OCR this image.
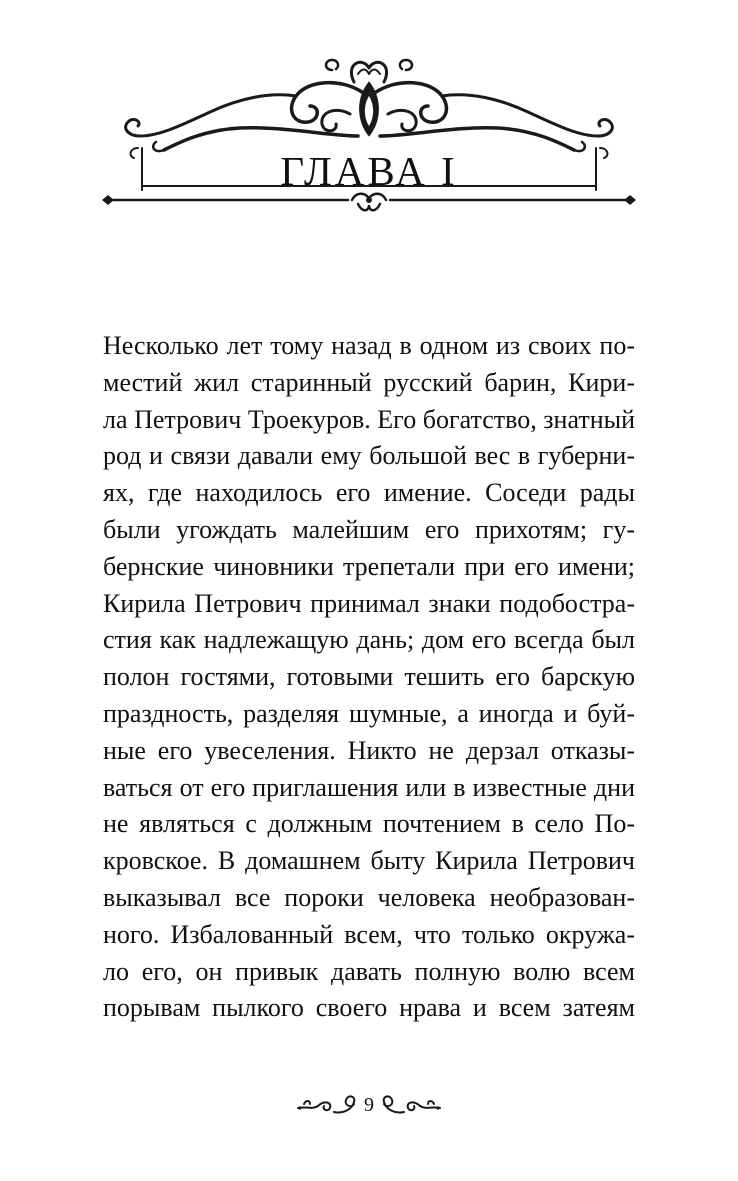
ГЛАВА I
Несколько лет тому назад в одном из своих по-
местий жил старинный русский барин, Кири-
ла Петрович Троекуров. Его богатство, знатный
род и связи давали ему большой вес в губерни-
ях, где находилось его имение. Соседи рады
были угождать малейшим его прихотям; гу-
бернские чиновники трепетали при его имени;
Кирила Петрович принимал знаки подобостра-
стия как надлежащую дань; дом его всегда был
полон гостями, готовыми тешить его барскую
праздность, разделяя шумные, а иногда и буй-
ные его увеселения. Никто не дерзал отказы-
ваться от его приглашения или в известные дни
не являться с должным почтением в село По-
кровское. В домашнем быту Кирила Петрович
выказывал все пороки человека необразован-
ного. Избалованный всем, что только окружа-
ло его, он привык давать полную волю всем
порывам пылкого своего нрава и всем затеям
9
